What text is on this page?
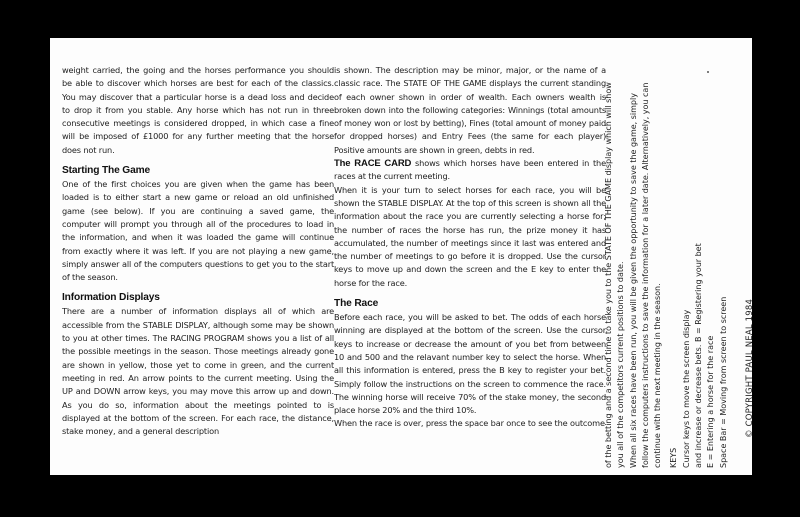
weight carried, the going and the horses performance you should be able to discover which horses are best for each of the classics. You may discover that a particular horse is a dead loss and decide to drop it from you stable. Any horse which has not run in three consecutive meetings is considered dropped, in which case a fine will be imposed of £1000 for any further meeting that the horse does not run.

Starting The Game

One of the first choices you are given when the game has been loaded is to either start a new game or reload an old unfinished game (see below). If you are continuing a saved game, the computer will prompt you through all of the procedures to load in the information, and when it was loaded the game will continue from exactly where it was left. If you are not playing a new game, simply answer all of the computers questions to get you to the start of the season.

Information Displays

There are a number of information displays all of which are accessible from the STABLE DISPLAY, although some may be shown to you at other times. The RACING PROGRAM shows you a list of all the possible meetings in the season. Those meetings already gone are shown in yellow, those yet to come in green, and the current meeting in red. An arrow points to the current meeting. Using the UP and DOWN arrow keys, you may move this arrow up and down. As you do so, information about the meetings pointed to is displayed at the bottom of the screen. For each race, the distance, stake money, and a general description

is shown. The description may be minor, major, or the name of a classic race. The STATE OF THE GAME displays the current standing of each owner shown in order of wealth. Each owners wealth is broken down into the following categories: Winnings (total amounts of money won or lost by betting), Fines (total amount of money paid for dropped horses) and Entry Fees (the same for each player) Positive amounts are shown in green, debts in red.

The RACE CARD shows which horses have been entered in the races at the current meeting.

When it is your turn to select horses for each race, you will be shown the STABLE DISPLAY. At the top of this screen is shown all the information about the race you are currently selecting a horse for; the number of races the horse has run, the prize money it has accumulated, the number of meetings since it last was entered and the number of meetings to go before it is dropped. Use the cursor keys to move up and down the screen and the E key to enter the horse for the race.

The Race

Before each race, you will be asked to bet. The odds of each horse winning are displayed at the bottom of the screen. Use the cursor keys to increase or decrease the amount of you bet from between 10 and 500 and the relavant number key to select the horse. When all this information is entered, press the B key to register your bet. Simply follow the instructions on the screen to commence the race. The winning horse will receive 70% of the stake money, the second place horse 20% and the third 10%.

When the race is over, press the space bar once to see the outcome of the betting and a second time to take you to the STATE OF THE GAME display which will show you all of the competitors current positions to date. When all six races have been run, you will be given the opportunity to save the game, simply follow the computers instructions to save the information for a later date. Alternatively, you can continue with the next meeting in the season. KEYS Cursor keys to move the screen display and increase or decrease bets. B = Registering your bet E = Entering a horse for the race Space Bar = Moving from screen to screen © COPYRIGHT PAUL NEAL 1984
